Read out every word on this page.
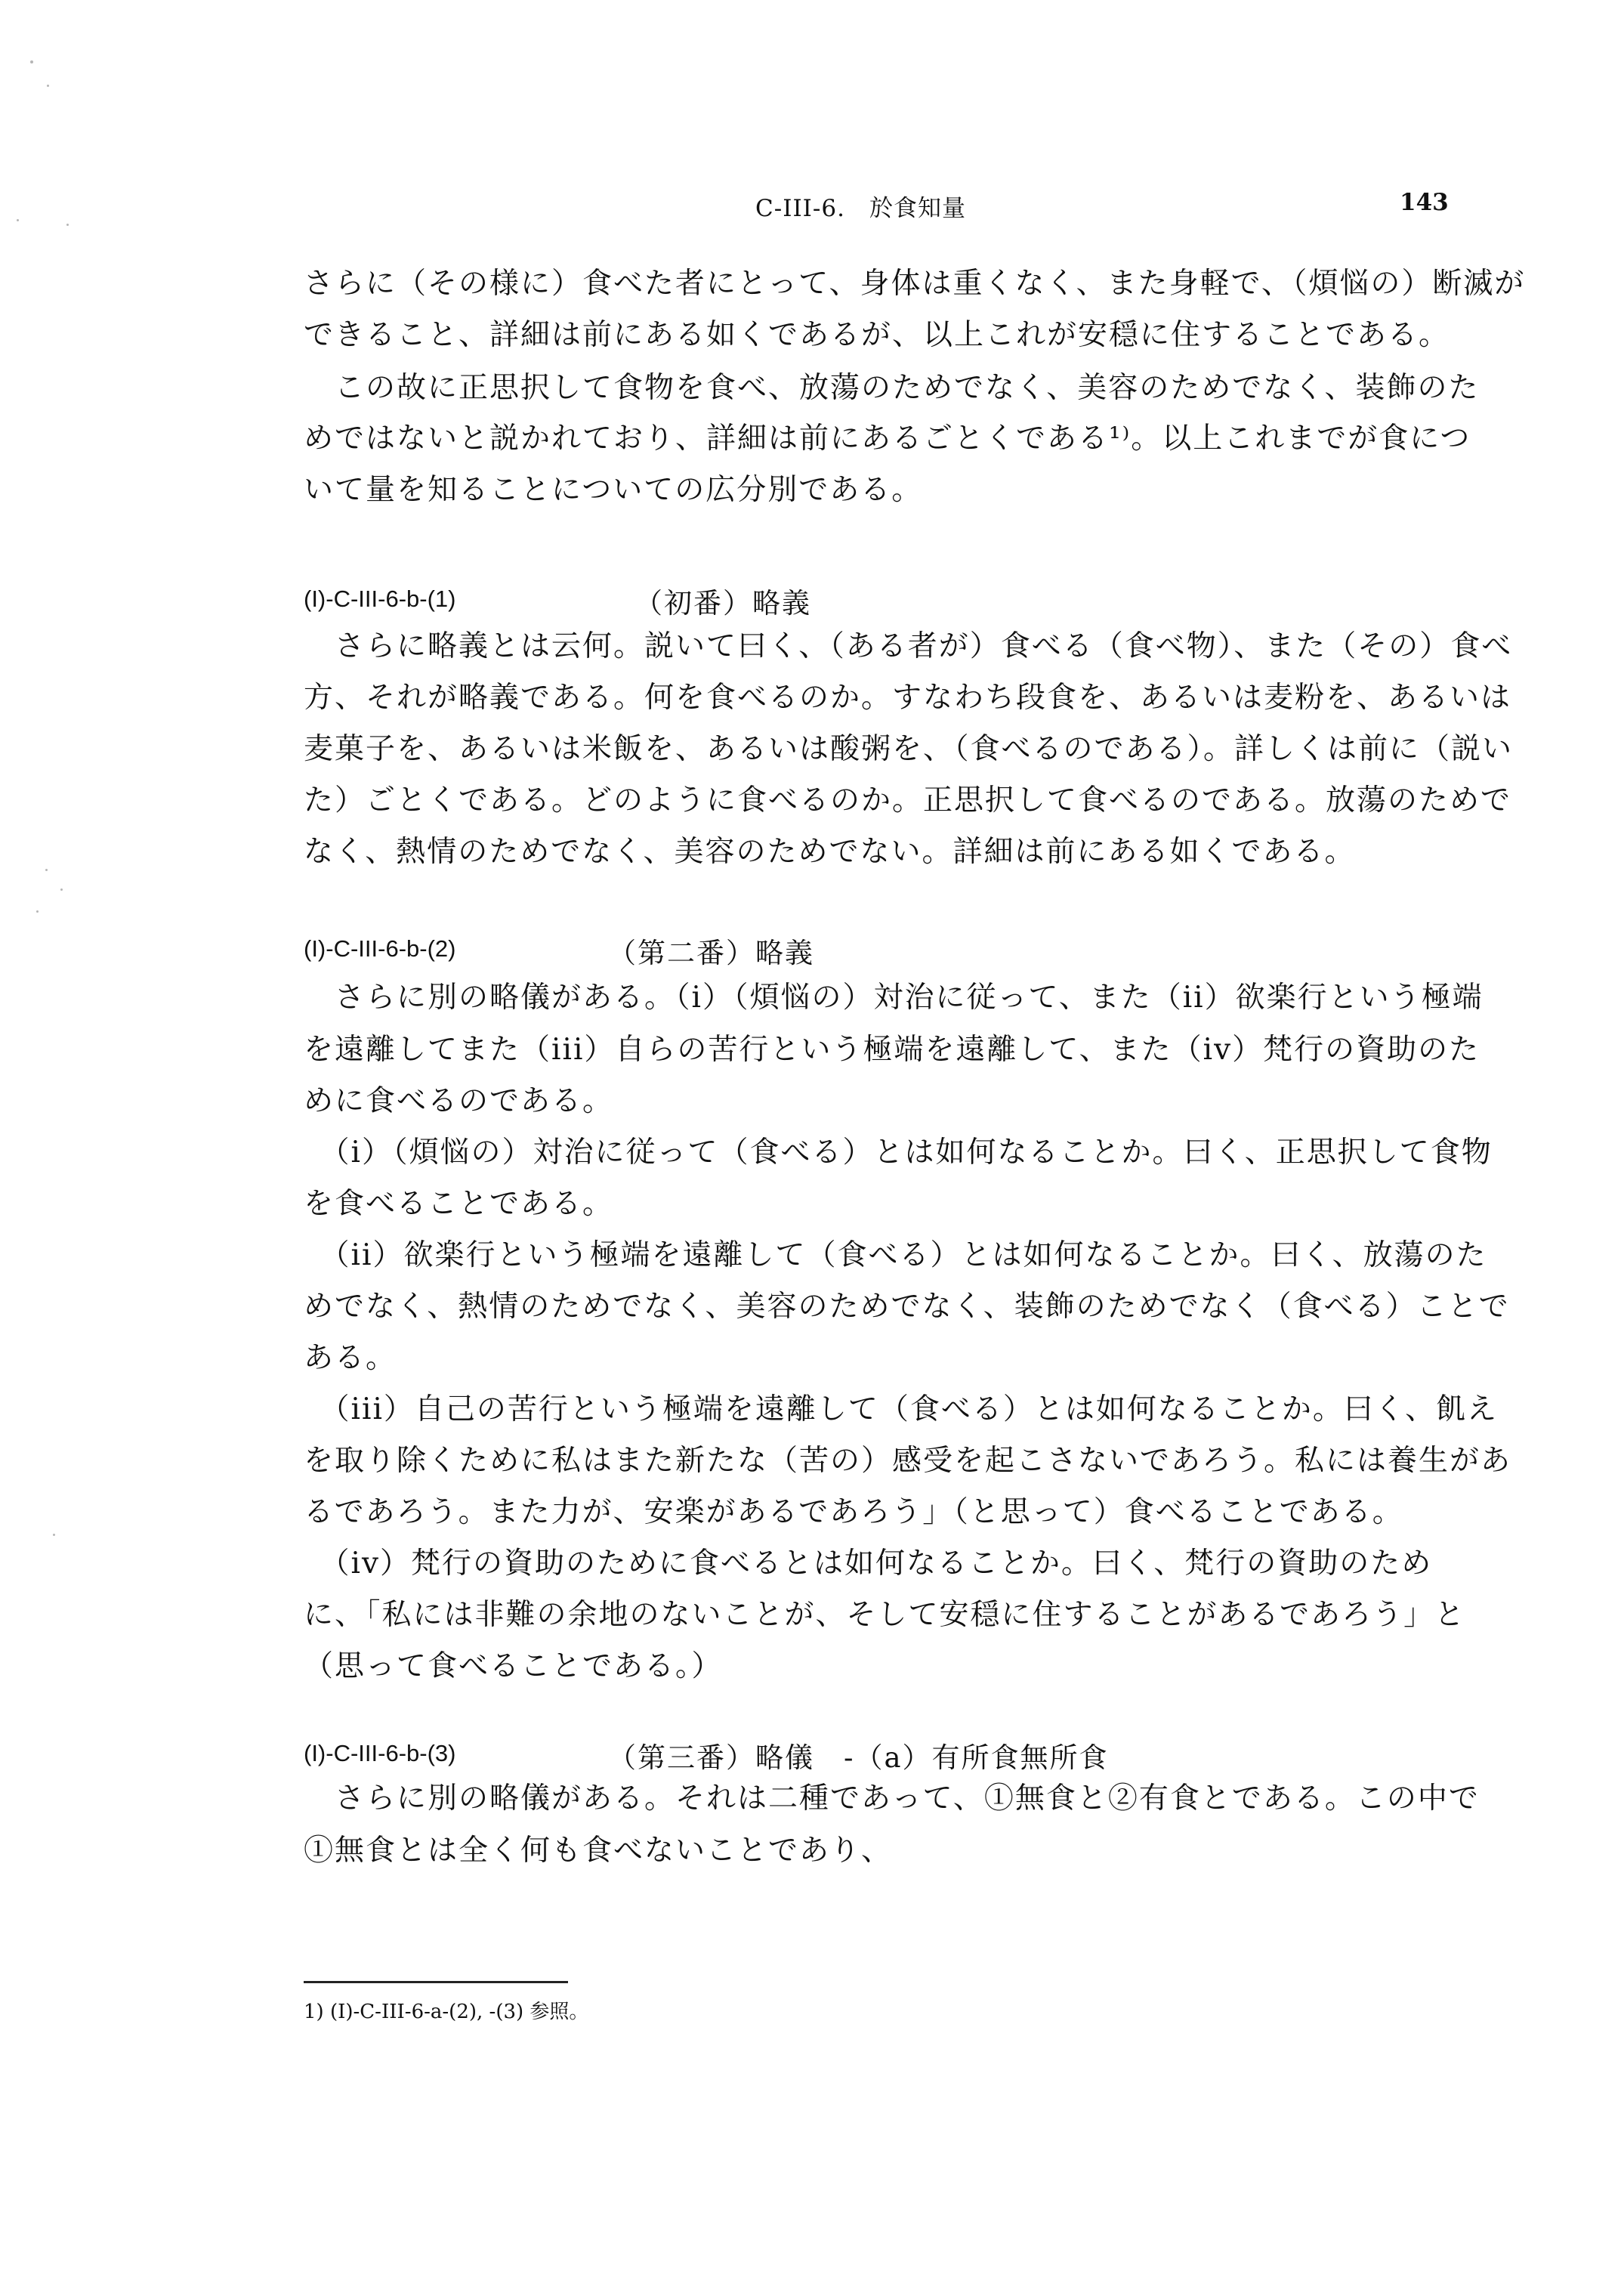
C-III-6.　於食知量	143
さらに（その様に）食べた者にとって、身体は重くなく、また身軽で、（煩悩の）断滅が
できること、詳細は前にある如くであるが、以上これが安穏に住することである。
　この故に正思択して食物を食べ、放蕩のためでなく、美容のためでなく、装飾のた
めではないと説かれており、詳細は前にあるごとくである¹⁾。以上これまでが食につ
いて量を知ることについての広分別である。
(I)-C-III-6-b-(1)	（初番）略義
　さらに略義とは云何。説いて曰く、（ある者が）食べる（食べ物）、また（その）食べ
方、それが略義である。何を食べるのか。すなわち段食を、あるいは麦粉を、あるいは
麦菓子を、あるいは米飯を、あるいは酸粥を、（食べるのである）。詳しくは前に（説い
た）ごとくである。どのように食べるのか。正思択して食べるのである。放蕩のためで
なく、熱情のためでなく、美容のためでない。詳細は前にある如くである。
(I)-C-III-6-b-(2)	（第二番）略義
　さらに別の略儀がある。（i）（煩悩の）対治に従って、また（ii）欲楽行という極端
を遠離してまた（iii）自らの苦行という極端を遠離して、また（iv）梵行の資助のた
めに食べるのである。
　（i）（煩悩の）対治に従って（食べる）とは如何なることか。曰く、正思択して食物
を食べることである。
　（ii）欲楽行という極端を遠離して（食べる）とは如何なることか。曰く、放蕩のた
めでなく、熱情のためでなく、美容のためでなく、装飾のためでなく（食べる）ことで
ある。
　（iii）自己の苦行という極端を遠離して（食べる）とは如何なることか。曰く、飢え
を取り除くために私はまた新たな（苦の）感受を起こさないであろう。私には養生があ
るであろう。また力が、安楽があるであろう」（と思って）食べることである。
　（iv）梵行の資助のために食べるとは如何なることか。曰く、梵行の資助のため
に、「私には非難の余地のないことが、そして安穏に住することがあるであろう」と
（思って食べることである。）
(I)-C-III-6-b-(3)	（第三番）略儀　-（a）有所食無所食
　さらに別の略儀がある。それは二種であって、①無食と②有食とである。この中で
①無食とは全く何も食べないことであり、
1) (I)-C-III-6-a-(2), -(3) 参照。
